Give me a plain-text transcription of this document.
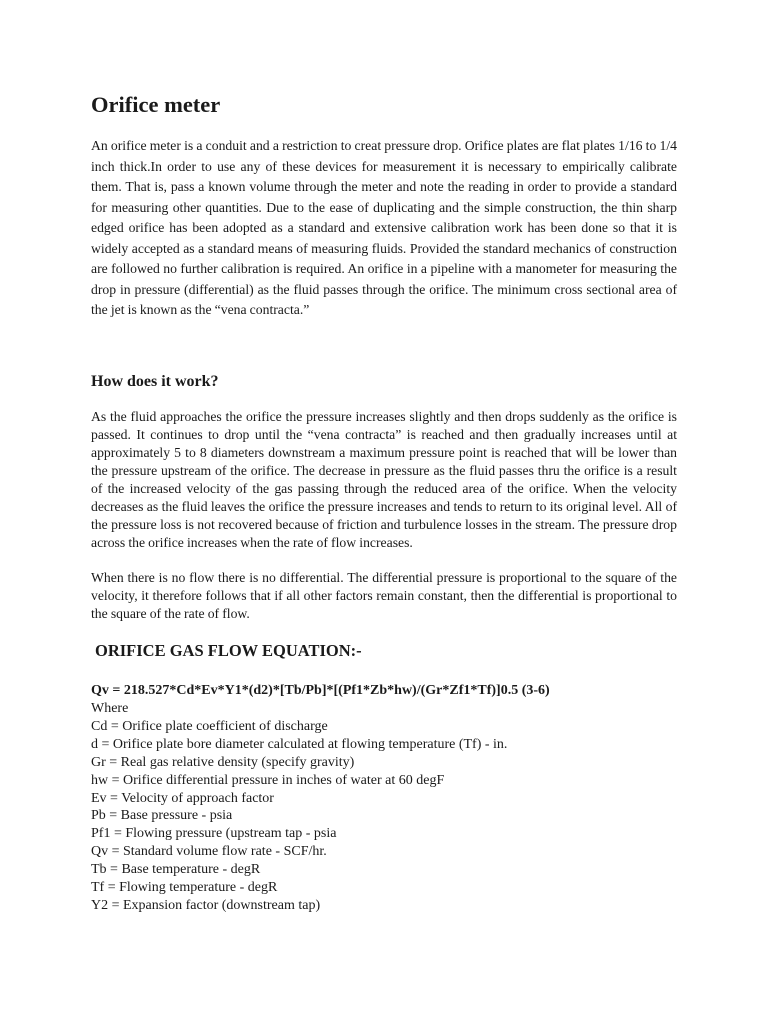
Orifice meter

An orifice meter is a conduit and a restriction to creat pressure drop. Orifice plates are flat plates 1/16 to 1/4 inch thick.In order to use any of these devices for measurement it is necessary to empirically calibrate them. That is, pass a known volume through the meter and note the reading in order to provide a standard for measuring other quantities. Due to the ease of duplicating and the simple construction, the thin sharp edged orifice has been adopted as a standard and extensive calibration work has been done so that it is widely accepted as a standard means of measuring fluids. Provided the standard mechanics of construction are followed no further calibration is required. An orifice in a pipeline with a manometer for measuring the drop in pressure (differential) as the fluid passes through the orifice. The minimum cross sectional area of the jet is known as the “vena contracta.”

How does it work?

As the fluid approaches the orifice the pressure increases slightly and then drops suddenly as the orifice is passed. It continues to drop until the “vena contracta” is reached and then gradually increases until at approximately 5 to 8 diameters downstream a maximum pressure point is reached that will be lower than the pressure upstream of the orifice. The decrease in pressure as the fluid passes thru the orifice is a result of the increased velocity of the gas passing through the reduced area of the orifice. When the velocity decreases as the fluid leaves the orifice the pressure increases and tends to return to its original level. All of the pressure loss is not recovered because of friction and turbulence losses in the stream. The pressure drop across the orifice increases when the rate of flow increases.

When there is no flow there is no differential. The differential pressure is proportional to the square of the velocity, it therefore follows that if all other factors remain constant, then the differential is proportional to the square of the rate of flow.

ORIFICE GAS FLOW EQUATION:-

Qv = 218.527*Cd*Ev*Y1*(d2)*[Tb/Pb]*[(Pf1*Zb*hw)/(Gr*Zf1*Tf)]0.5 (3-6)

Where
Cd = Orifice plate coefficient of discharge
d = Orifice plate bore diameter calculated at flowing temperature (Tf) - in.
Gr = Real gas relative density (specify gravity)
hw = Orifice differential pressure in inches of water at 60 degF
Ev = Velocity of approach factor
Pb = Base pressure - psia
Pf1 = Flowing pressure (upstream tap - psia
Qv = Standard volume flow rate - SCF/hr.
Tb = Base temperature - degR
Tf = Flowing temperature - degR
Y2 = Expansion factor (downstream tap)
